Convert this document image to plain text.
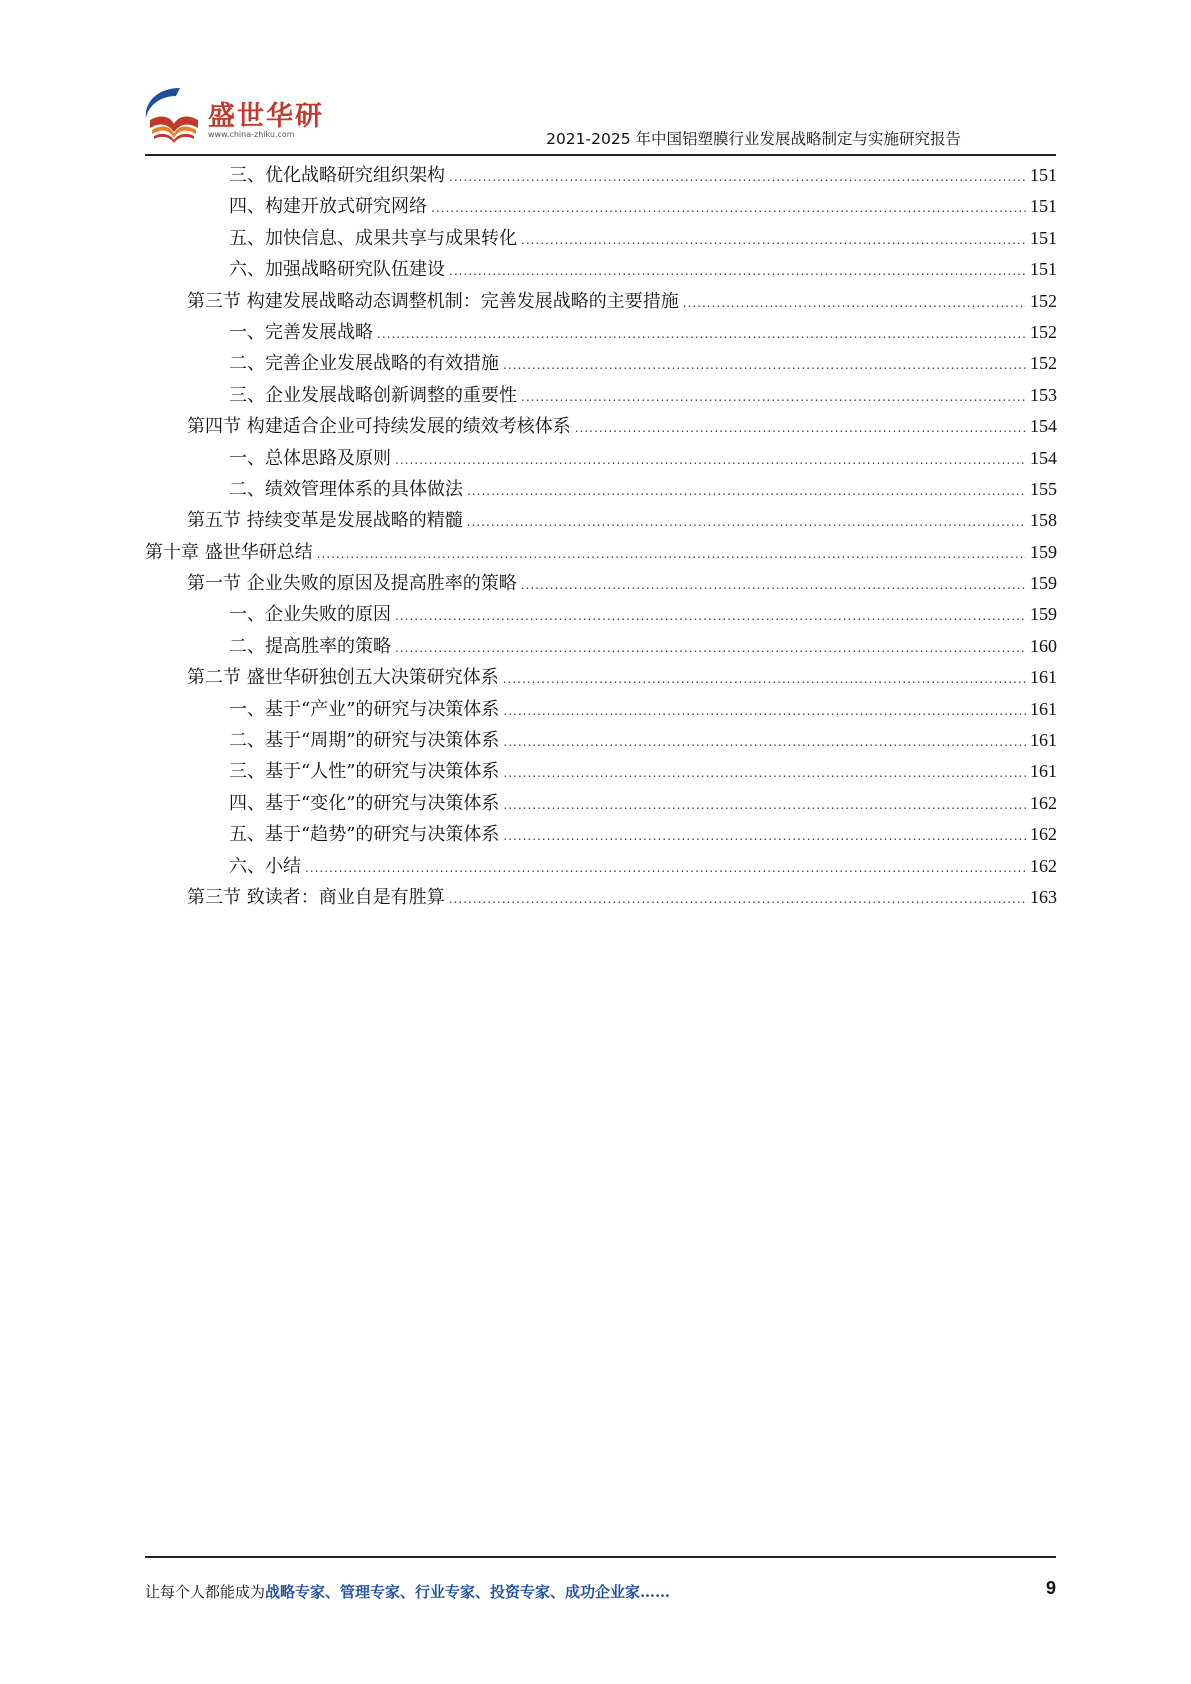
盛世华研
www.china-zhiku.com	2021-2025 年中国铝塑膜行业发展战略制定与实施研究报告
三、优化战略研究组织架构 .....	151
四、构建开放式研究网络 .....	151
五、加快信息、成果共享与成果转化 .....	151
六、加强战略研究队伍建设 .....	151
第三节 构建发展战略动态调整机制：完善发展战略的主要措施 .....	152
一、完善发展战略 .....	152
二、完善企业发展战略的有效措施 .....	152
三、企业发展战略创新调整的重要性 .....	153
第四节 构建适合企业可持续发展的绩效考核体系 .....	154
一、总体思路及原则 .....	154
二、绩效管理体系的具体做法 .....	155
第五节 持续变革是发展战略的精髓 .....	158
第十章 盛世华研总结 .....	159
第一节 企业失败的原因及提高胜率的策略 .....	159
一、企业失败的原因 .....	159
二、提高胜率的策略 .....	160
第二节 盛世华研独创五大决策研究体系 .....	161
一、基于“产业”的研究与决策体系 .....	161
二、基于“周期”的研究与决策体系 .....	161
三、基于“人性”的研究与决策体系 .....	161
四、基于“变化”的研究与决策体系 .....	162
五、基于“趋势”的研究与决策体系 .....	162
六、小结 .....	162
第三节 致读者：商业自是有胜算 .....	163
让每个人都能成为战略专家、管理专家、行业专家、投资专家、成功企业家……	9
